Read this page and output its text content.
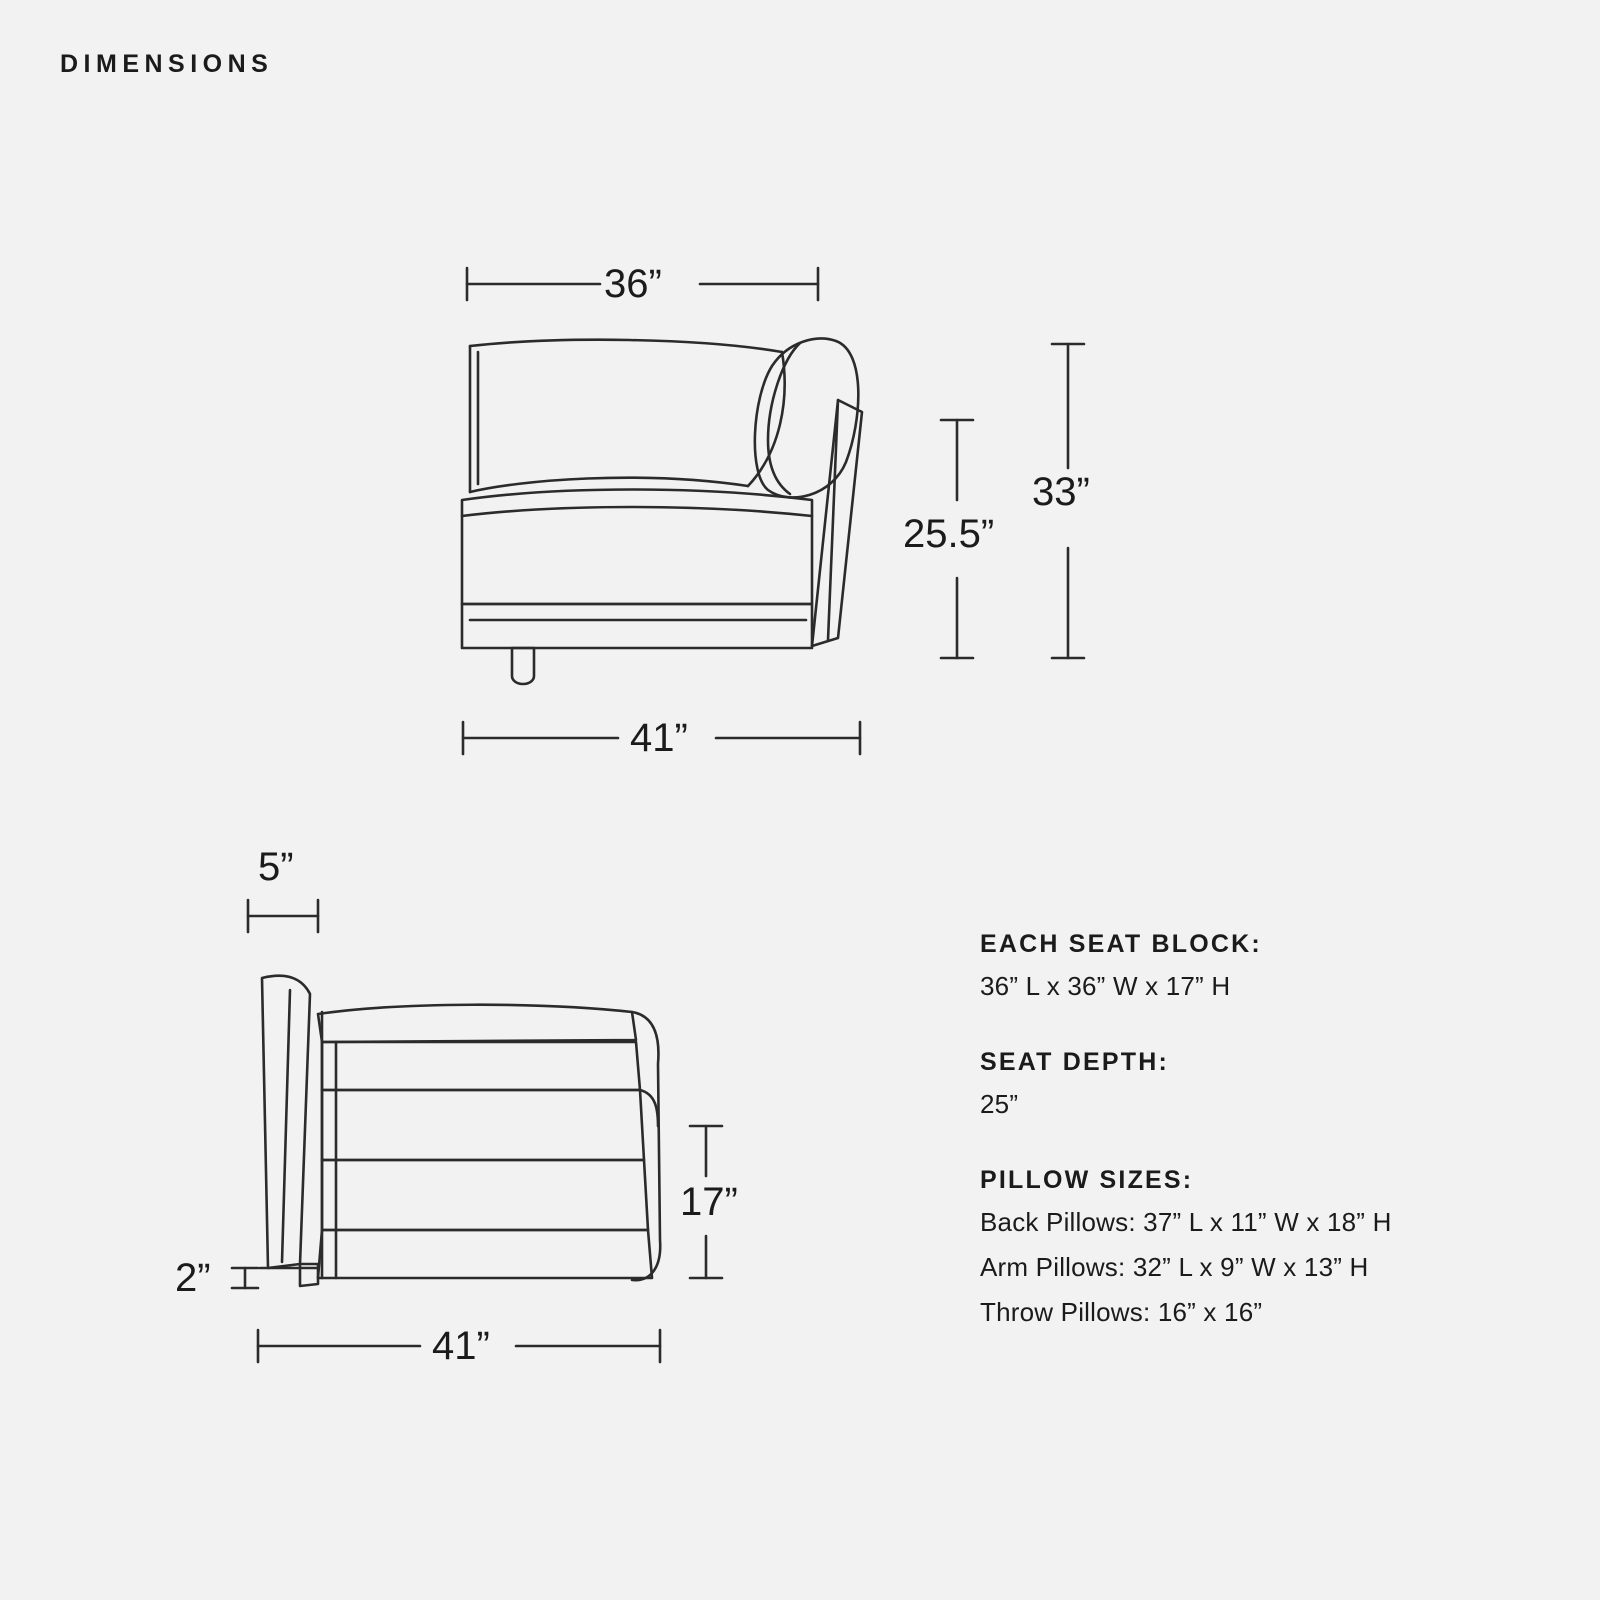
DIMENSIONS
36”
25.5”
33”
41”
5”
17”
2”
41”

EACH SEAT BLOCK:

36” L x 36” W x 17” H

SEAT DEPTH:

25”

PILLOW SIZES:

Back Pillows: 37” L x 11” W x 18” H

Arm Pillows: 32” L x 9” W x 13” H

Throw Pillows: 16” x 16”
